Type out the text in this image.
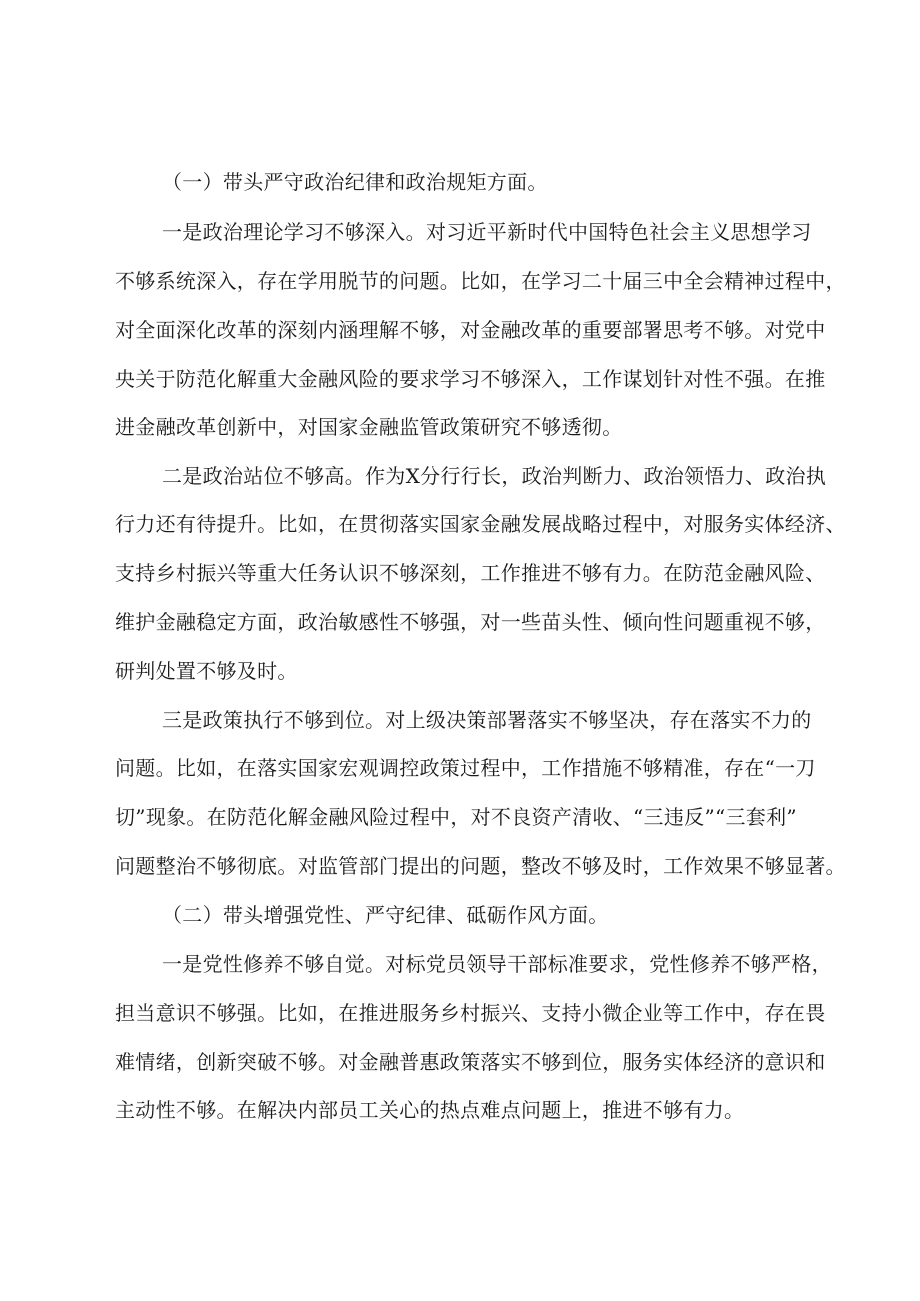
（一）带头严守政治纪律和政治规矩方面。
一是政治理论学习不够深入。对习近平新时代中国特色社会主义思想学习
不够系统深入，存在学用脱节的问题。比如，在学习二十届三中全会精神过程中，
对全面深化改革的深刻内涵理解不够，对金融改革的重要部署思考不够。对党中
央关于防范化解重大金融风险的要求学习不够深入，工作谋划针对性不强。在推
进金融改革创新中，对国家金融监管政策研究不够透彻。
二是政治站位不够高。作为X分行行长，政治判断力、政治领悟力、政治执
行力还有待提升。比如，在贯彻落实国家金融发展战略过程中，对服务实体经济、
支持乡村振兴等重大任务认识不够深刻，工作推进不够有力。在防范金融风险、
维护金融稳定方面，政治敏感性不够强，对一些苗头性、倾向性问题重视不够，
研判处置不够及时。
三是政策执行不够到位。对上级决策部署落实不够坚决，存在落实不力的
问题。比如，在落实国家宏观调控政策过程中，工作措施不够精准，存在“一刀
切”现象。在防范化解金融风险过程中，对不良资产清收、“三违反”“三套利”
问题整治不够彻底。对监管部门提出的问题，整改不够及时，工作效果不够显著。
（二）带头增强党性、严守纪律、砥砺作风方面。
一是党性修养不够自觉。对标党员领导干部标准要求，党性修养不够严格，
担当意识不够强。比如，在推进服务乡村振兴、支持小微企业等工作中，存在畏
难情绪，创新突破不够。对金融普惠政策落实不够到位，服务实体经济的意识和
主动性不够。在解决内部员工关心的热点难点问题上，推进不够有力。
